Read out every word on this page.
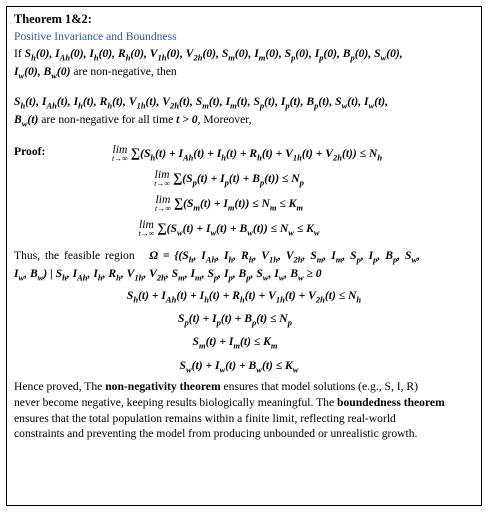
Theorem 1&2:

Positive Invariance and Boundness

If $S_h(0)$, $I_{Ah}(0)$, $I_h(0)$, $R_h(0)$, $V_{1h}(0)$, $V_{2h}(0)$, $S_m(0)$, $I_m(0)$, $S_p(0)$, $I_p(0)$, $B_p(0)$, $S_w(0)$,

$I_w(0)$, $B_w(0)$ are non-negative, then

$S_h(t)$, $I_{Ah}(t)$, $I_h(t)$, $R_h(t)$, $V_{1h}(t)$, $V_{2h}(t)$, $S_m(t)$, $I_m(t)$, $S_p(t)$, $I_p(t)$, $B_p(t)$, $S_w(t)$, $I_w(t)$,

$B_w(t)$ are non-negative for all time t > 0, Moreover,

Proof:	lim
t→∞ $\sum(S_h(t) + I_{Ah}(t) + I_h(t) + R_h(t) + V_{1h}(t) + V_{2h}(t)) \le N_h$
lim
t→∞ $\sum(S_p(t) + I_p(t) + B_p(t)) \le N_p$
lim
t→∞ $\sum(S_m(t) + I_m(t)) \le N_m \le K_m$
lim
t→∞ $\sum(S_w(t) + I_w(t) + B_w(t)) \le N_w \le K_w$

Thus, the feasible region $\Omega = \{(S_h$, $I_{Ah}$, $I_h$, $R_h$, $V_{1h}$, $V_{2h}$, $S_m$, $I_m$, $S_p$, $I_p$, $B_p$, $S_w$,

$I_w$, $B_w$) | $S_h$, $I_{Ah}$, $I_h$, $R_h$, $V_{1h}$, $V_{2h}$, $S_m$, $I_m$, $S_p$, $I_p$, $B_p$, $S_w$, $I_w$, $B_w \ge 0$

$S_h(t) + I_{Ah}(t) + I_h(t) + R_h(t) + V_{1h}(t) + V_{2h}(t) \le N_h$
$S_p(t) + I_p(t) + B_p(t) \le N_p$
$S_m(t) + I_m(t) \le K_m$
$S_w(t) + I_w(t) + B_w(t) \le K_w$

Hence proved, The non-negativity theorem ensures that model solutions (e.g., S, I, R)

never become negative, keeping results biologically meaningful. The boundedness theorem

ensures that the total population remains within a finite limit, reflecting real-world

constraints and preventing the model from producing unbounded or unrealistic growth.
